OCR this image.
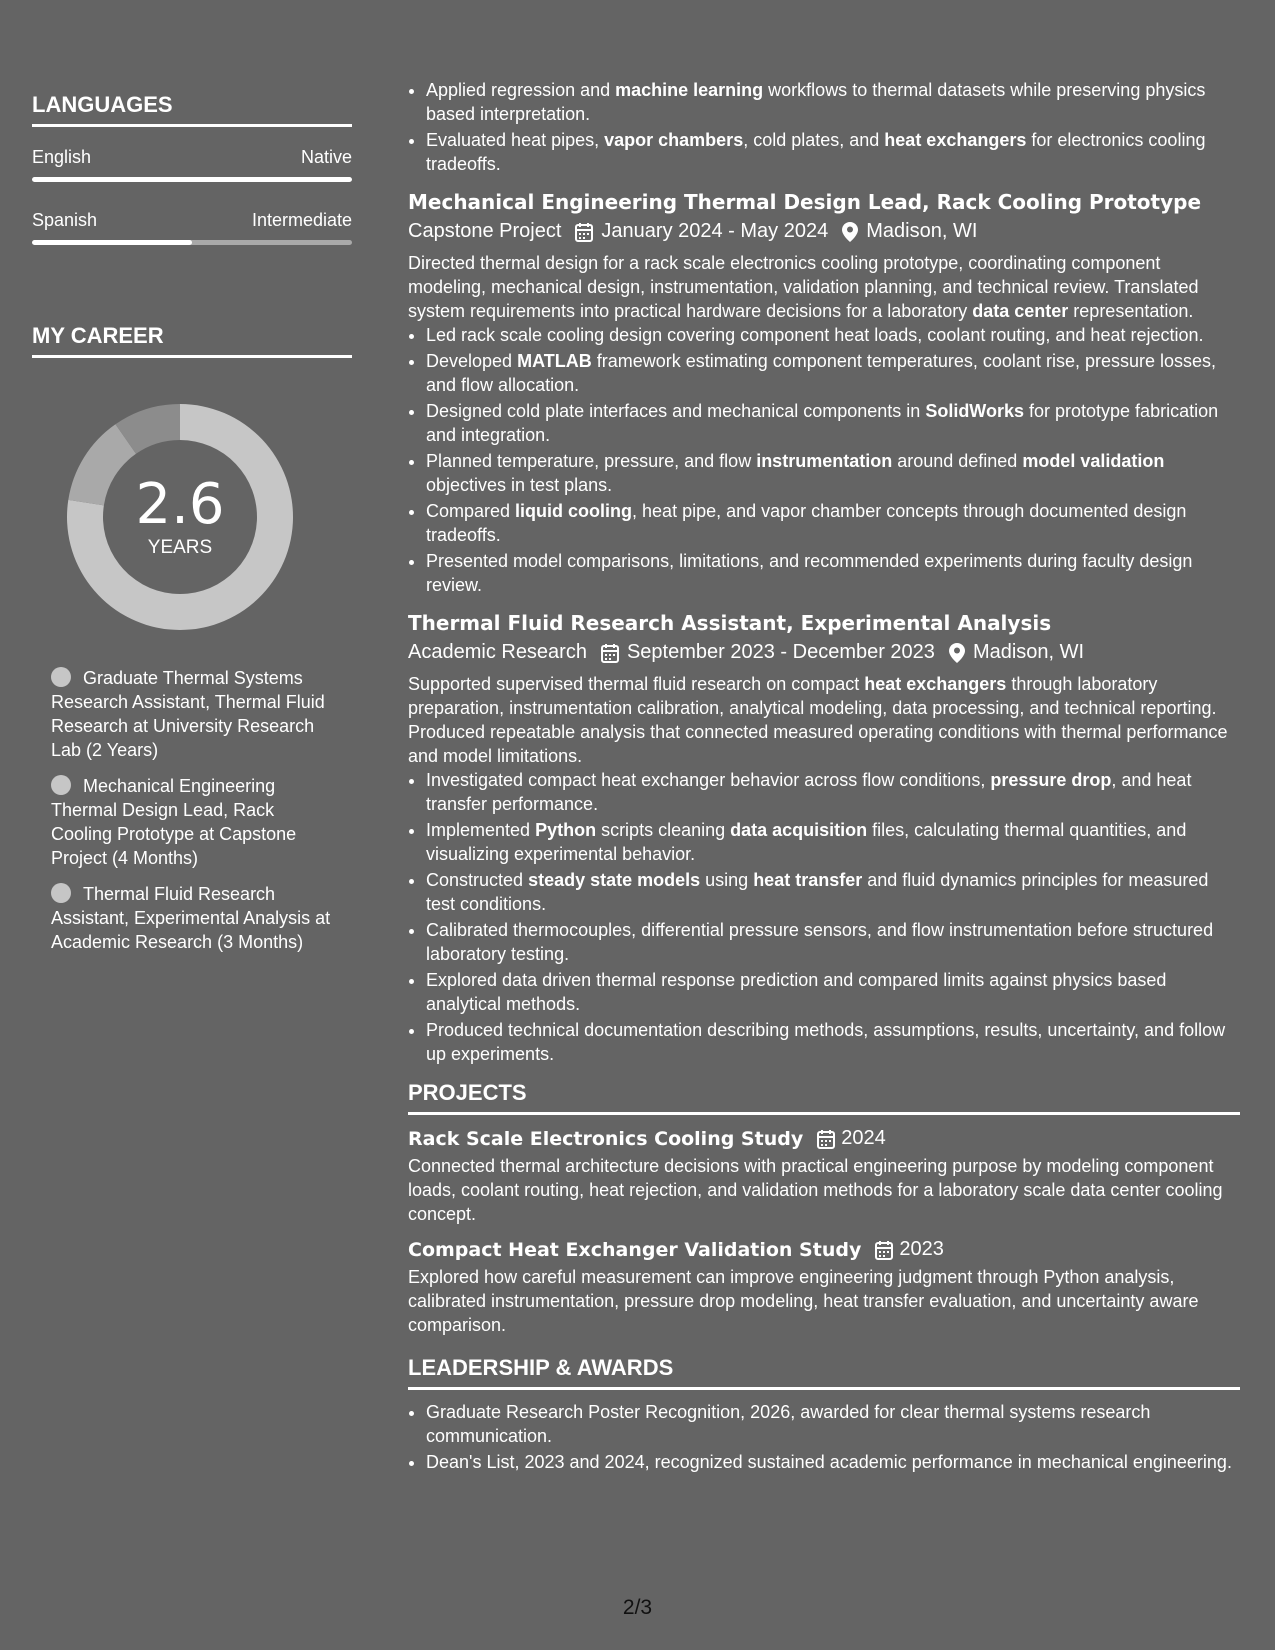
LANGUAGES
English	Native
Spanish	Intermediate
MY CAREER
2.6
YEARS
Graduate Thermal Systems Research Assistant, Thermal Fluid Research at University Research Lab (2 Years)
Mechanical Engineering Thermal Design Lead, Rack Cooling Prototype at Capstone Project (4 Months)
Thermal Fluid Research Assistant, Experimental Analysis at Academic Research (3 Months)
• Applied regression and machine learning workflows to thermal datasets while preserving physics based interpretation.
• Evaluated heat pipes, vapor chambers, cold plates, and heat exchangers for electronics cooling tradeoffs.
Mechanical Engineering Thermal Design Lead, Rack Cooling Prototype
Capstone Project January 2024 - May 2024 Madison, WI
Directed thermal design for a rack scale electronics cooling prototype, coordinating component modeling, mechanical design, instrumentation, validation planning, and technical review. Translated system requirements into practical hardware decisions for a laboratory data center representation.
• Led rack scale cooling design covering component heat loads, coolant routing, and heat rejection.
• Developed MATLAB framework estimating component temperatures, coolant rise, pressure losses, and flow allocation.
• Designed cold plate interfaces and mechanical components in SolidWorks for prototype fabrication and integration.
• Planned temperature, pressure, and flow instrumentation around defined model validation objectives in test plans.
• Compared liquid cooling, heat pipe, and vapor chamber concepts through documented design tradeoffs.
• Presented model comparisons, limitations, and recommended experiments during faculty design review.
Thermal Fluid Research Assistant, Experimental Analysis
Academic Research September 2023 - December 2023 Madison, WI
Supported supervised thermal fluid research on compact heat exchangers through laboratory preparation, instrumentation calibration, analytical modeling, data processing, and technical reporting. Produced repeatable analysis that connected measured operating conditions with thermal performance and model limitations.
• Investigated compact heat exchanger behavior across flow conditions, pressure drop, and heat transfer performance.
• Implemented Python scripts cleaning data acquisition files, calculating thermal quantities, and visualizing experimental behavior.
• Constructed steady state models using heat transfer and fluid dynamics principles for measured test conditions.
• Calibrated thermocouples, differential pressure sensors, and flow instrumentation before structured laboratory testing.
• Explored data driven thermal response prediction and compared limits against physics based analytical methods.
• Produced technical documentation describing methods, assumptions, results, uncertainty, and follow up experiments.
PROJECTS
Rack Scale Electronics Cooling Study 2024
Connected thermal architecture decisions with practical engineering purpose by modeling component loads, coolant routing, heat rejection, and validation methods for a laboratory scale data center cooling concept.
Compact Heat Exchanger Validation Study 2023
Explored how careful measurement can improve engineering judgment through Python analysis, calibrated instrumentation, pressure drop modeling, heat transfer evaluation, and uncertainty aware comparison.
LEADERSHIP & AWARDS
• Graduate Research Poster Recognition, 2026, awarded for clear thermal systems research communication.
• Dean's List, 2023 and 2024, recognized sustained academic performance in mechanical engineering.
2/3
